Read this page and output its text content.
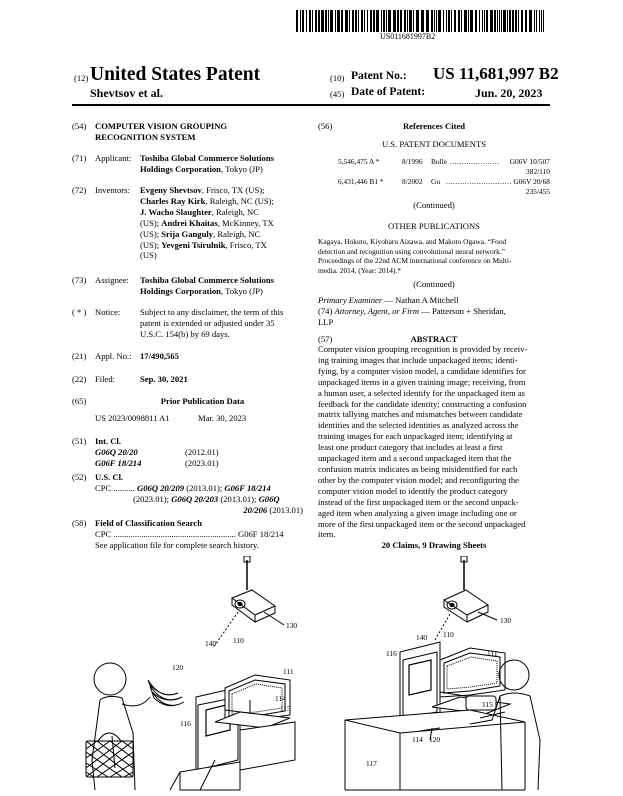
US011681997B2
(12) United States Patent
Shevtsov et al.
(10) Patent No.: US 11,681,997 B2
(45) Date of Patent:	Jun. 20, 2023
(54) COMPUTER VISION GROUPING
RECOGNITION SYSTEM
(71) Applicant: Toshiba Global Commerce Solutions
Holdings Corporation, Tokyo (JP)
(72) Inventors: Evgeny Shevtsov, Frisco, TX (US);
Charles Ray Kirk, Raleigh, NC (US);
J. Wacho Slaughter, Raleigh, NC
(US); Andrei Khaitas, McKinney, TX
(US); Srija Ganguly, Raleigh, NC
(US); Yevgeni Tsirulnik, Frisco, TX
(US)
(73) Assignee: Toshiba Global Commerce Solutions
Holdings Corporation, Tokyo (JP)
( * ) Notice: Subject to any disclaimer, the term of this
patent is extended or adjusted under 35
U.S.C. 154(b) by 69 days.
(21) Appl. No.: 17/490,565
(22) Filed:	Sep. 30, 2021
(65)	Prior Publication Data
US 2023/0098811 A1	Mar. 30, 2023
(51) Int. Cl.
G06Q 20/20	(2012.01)
G06F 18/214	(2023.01)
(52) U.S. Cl.
CPC .......... G06Q 20/209 (2013.01); G06F 18/214
(2023.01); G06Q 20/203 (2013.01); G06Q
20/206 (2013.01)
(58) Field of Classification Search
CPC ......................................................... G06F 18/214
See application file for complete search history.
(56)	References Cited
U.S. PATENT DOCUMENTS
5,546,475 A *	8/1996 Bolle ..................... G06V 10/507
382/110
6,431,446 B1 * 8/2002 Gu ............................ G06V 20/68
235/455
(Continued)
OTHER PUBLICATIONS
Kagaya, Hokuto, Kiyoharu Aizawa, and Makoto Ogawa. “Food
detection and recognition using convolutional neural network.”
Proceedings of the 22nd ACM international conference on Multi-
media. 2014. (Year: 2014).*
(Continued)
Primary Examiner — Nathan A Mitchell
(74) Attorney, Agent, or Firm — Patterson + Sheridan,
LLP
(57)	ABSTRACT
Computer vision grouping recognition is provided by receiv-
ing training images that include unpackaged items; identi-
fying, by a computer vision model, a candidate identifies for
unpackaged items in a given training image; receiving, from
a human user, a selected identify for the unpackaged item as
feedback for the candidate identity; constructing a confusion
matrix tallying matches and mismatches between candidate
identities and the selected identities as analyzed across the
training images for each unpackaged item; identifying at
least one product category that includes at least a first
unpackaged item and a second unpackaged item that the
confusion matrix indicates as being misidentified for each
other by the computer vision model; and reconfiguring the
computer vision model to identify the product category
instead of the first unpackaged item or the second unpack-
aged item when analyzing a given image including one or
more of the first unpackaged item or the second unpackaged
item.
20 Claims, 9 Drawing Sheets
130
140 110
120	111
114
115
116
130
140 110
116	111
115
114 120
117
